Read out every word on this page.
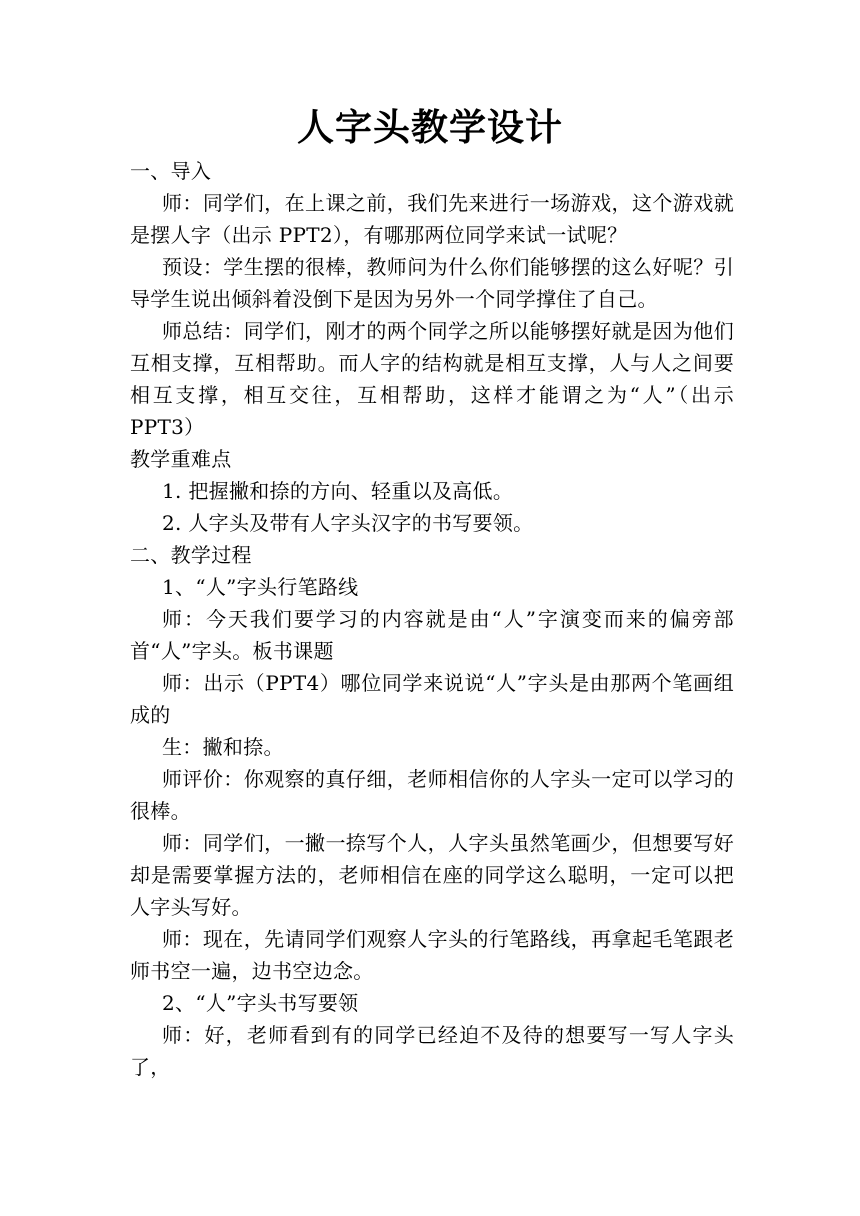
人字头教学设计

一、导入

师：同学们，在上课之前，我们先来进行一场游戏，这个游戏就是摆人字（出示 PPT2），有哪那两位同学来试一试呢？

预设：学生摆的很棒，教师问为什么你们能够摆的这么好呢？引导学生说出倾斜着没倒下是因为另外一个同学撑住了自己。

师总结：同学们，刚才的两个同学之所以能够摆好就是因为他们互相支撑，互相帮助。而人字的结构就是相互支撑，人与人之间要相互支撑，相互交往，互相帮助，这样才能谓之为“人”（出示 PPT3）

教学重难点

1. 把握撇和捺的方向、轻重以及高低。

2. 人字头及带有人字头汉字的书写要领。

二、教学过程

1、“人”字头行笔路线

师：今天我们要学习的内容就是由“人”字演变而来的偏旁部首“人”字头。板书课题

师：出示（PPT4）哪位同学来说说“人”字头是由那两个笔画组成的

生：撇和捺。

师评价：你观察的真仔细，老师相信你的人字头一定可以学习的很棒。

师：同学们，一撇一捺写个人，人字头虽然笔画少，但想要写好却是需要掌握方法的，老师相信在座的同学这么聪明，一定可以把人字头写好。

师：现在，先请同学们观察人字头的行笔路线，再拿起毛笔跟老师书空一遍，边书空边念。

2、“人”字头书写要领

师：好，老师看到有的同学已经迫不及待的想要写一写人字头了，
